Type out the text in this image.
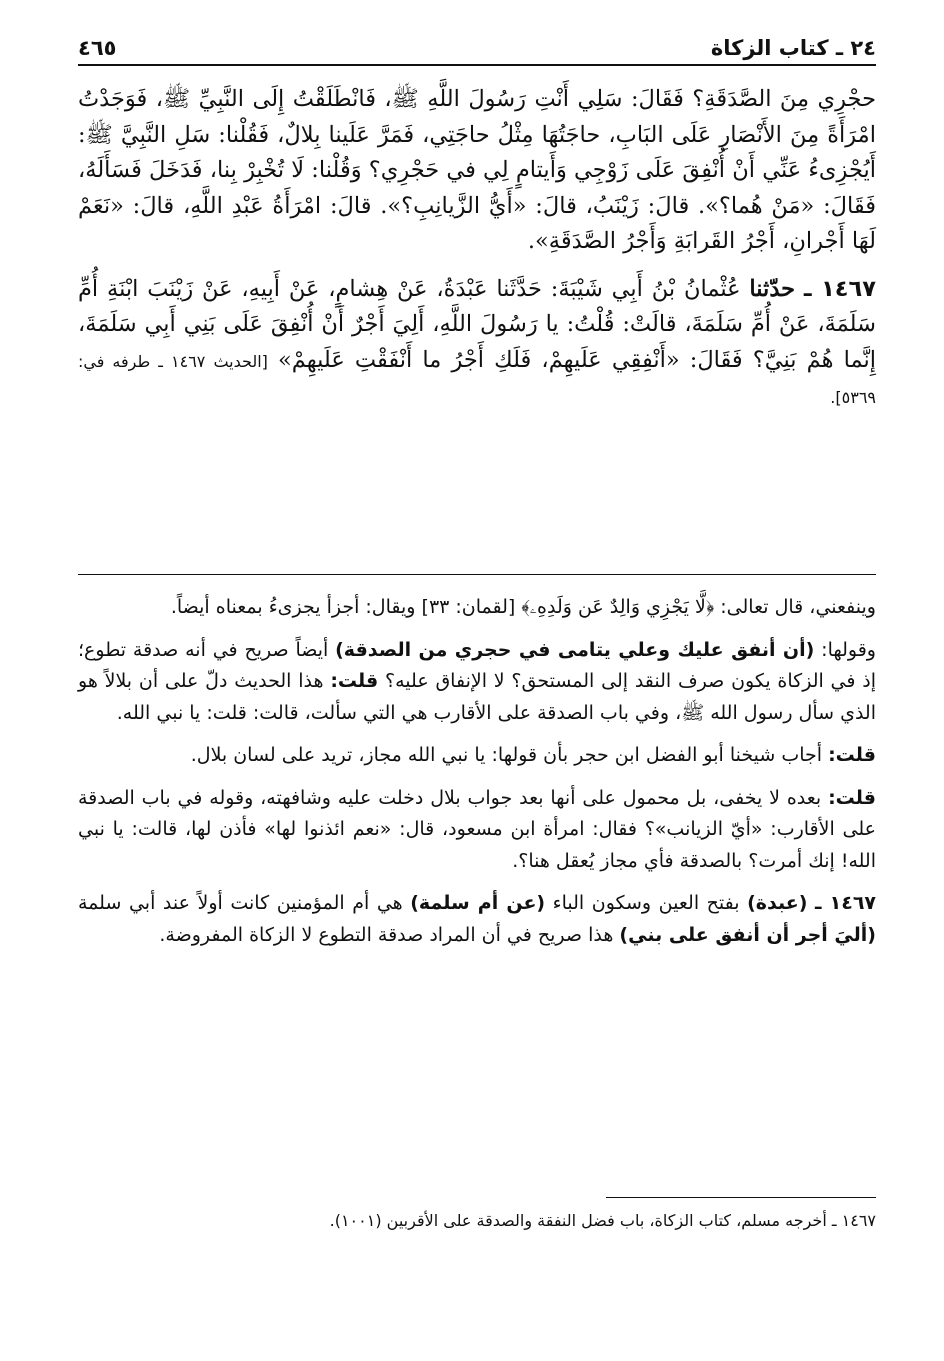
٢٤ ـ كتاب الزكاة
٤٦٥

حجْرِي مِنَ الصَّدَقَةِ؟ فَقَالَ: سَلِي أَنْتِ رَسُولَ اللَّهِ ﷺ، فَانْطَلَقْتُ إِلَى النَّبِيِّ ﷺ، فَوَجَدْتُ امْرَأَةً مِنَ الأَنْصَارِ عَلَى البَابِ، حاجَتُهَا مِثْلُ حاجَتِي، فَمَرَّ عَلَينا بِلالٌ، فَقُلْنا: سَلِ النَّبِيَّ ﷺ: أَيُجْزِىءُ عَنِّي أَنْ أُنْفِقَ عَلَى زَوْجِي وَأَيتامٍ لِي في حَجْرِي؟ وَقُلْنا: لَا تُخْبِرْ بِنا، فَدَخَلَ فَسَأَلَهُ، فَقَالَ: «مَنْ هُما؟». قالَ: زَيْنَبُ، قالَ: «أَيُّ الزَّيانِبِ؟». قالَ: امْرَأَةُ عَبْدِ اللَّهِ، قالَ: «نَعَمْ لَهَا أَجْرانِ، أَجْرُ القَرابَةِ وَأَجْرُ الصَّدَقَةِ».

١٤٦٧ ـ حدّثنا عُثْمانُ بْنُ أَبِي شَيْبَةَ: حَدَّثَنا عَبْدَةُ، عَنْ هِشامٍ، عَنْ أَبِيهِ، عَنْ زَيْنَبَ ابْنَةِ أُمِّ سَلَمَةَ، عَنْ أُمِّ سَلَمَةَ، قالَتْ: قُلْتُ: يا رَسُولَ اللَّهِ، أَلِيَ أَجْرٌ أَنْ أُنْفِقَ عَلَى بَنِي أَبِي سَلَمَةَ، إِنَّما هُمْ بَنِيَّ؟ فَقَالَ: «أَنْفِقِي عَلَيهِمْ، فَلَكِ أَجْرُ ما أَنْفَقْتِ عَلَيهِمْ» [الحديث ١٤٦٧ ـ طرفه في: ٥٣٦٩].

وينفعني، قال تعالى: ﴿لَّا يَجْزِي وَالِدٌ عَن وَلَدِهِۦ﴾ [لقمان: ٣٣] ويقال: أجزأ يجزىءُ بمعناه أيضاً.

وقولها: (أن أنفق عليك وعلي يتامى في حجري من الصدقة) أيضاً صريح في أنه صدقة تطوع؛ إذ في الزكاة يكون صرف النقد إلى المستحق؟ لا الإنفاق عليه؟ قلت: هذا الحديث دلّ على أن بلالاً هو الذي سأل رسول الله ﷺ، وفي باب الصدقة على الأقارب هي التي سألت، قالت: قلت: يا نبي الله.

قلت: أجاب شيخنا أبو الفضل ابن حجر بأن قولها: يا نبي الله مجاز، تريد على لسان بلال.

قلت: بعده لا يخفى، بل محمول على أنها بعد جواب بلال دخلت عليه وشافهته، وقوله في باب الصدقة على الأقارب: «أيّ الزيانب»؟ فقال: امرأة ابن مسعود، قال: «نعم ائذنوا لها» فأذن لها، قالت: يا نبي الله! إنك أمرت؟ بالصدقة فأي مجاز يُعقل هنا؟.

١٤٦٧ ـ (عبدة) بفتح العين وسكون الباء (عن أم سلمة) هي أم المؤمنين كانت أولاً عند أبي سلمة (أليَ أجر أن أنفق على بني) هذا صريح في أن المراد صدقة التطوع لا الزكاة المفروضة.

١٤٦٧ ـ أخرجه مسلم، كتاب الزكاة، باب فضل النفقة والصدقة على الأقربين (١٠٠١).
